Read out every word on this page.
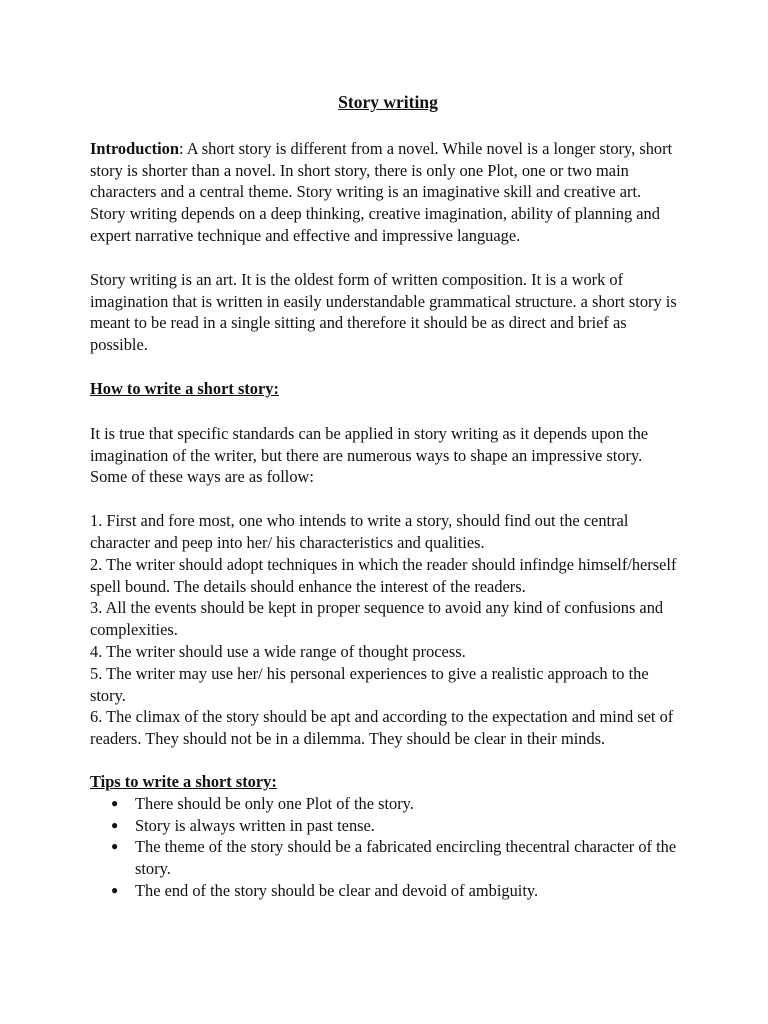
Story writing

Introduction: A short story is different from a novel. While novel is a longer story, short story is shorter than a novel. In short story, there is only one Plot, one or two main characters and a central theme. Story writing is an imaginative skill and creative art. Story writing depends on a deep thinking, creative imagination, ability of planning and expert narrative technique and effective and impressive language.

Story writing is an art. It is the oldest form of written composition. It is a work of imagination that is written in easily understandable grammatical structure. a short story is meant to be read in a single sitting and therefore it should be as direct and brief as possible.

How to write a short story:

It is true that specific standards can be applied in story writing as it depends upon the imagination of the writer, but there are numerous ways to shape an impressive story. Some of these ways are as follow:

1. First and fore most, one who intends to write a story, should find out the central character and peep into her/ his characteristics and qualities.
2. The writer should adopt techniques in which the reader should infindge himself/herself spell bound. The details should enhance the interest of the readers.
3. All the events should be kept in proper sequence to avoid any kind of confusions and complexities.
4. The writer should use a wide range of thought process.
5. The writer may use her/ his personal experiences to give a realistic approach to the story.
6. The climax of the story should be apt and according to the expectation and mind set of readers. They should not be in a dilemma. They should be clear in their minds.
Tips to write a short story:
● There should be only one Plot of the story.
● Story is always written in past tense.
● The theme of the story should be a fabricated encircling thecentral character of the story.
● The end of the story should be clear and devoid of ambiguity.
